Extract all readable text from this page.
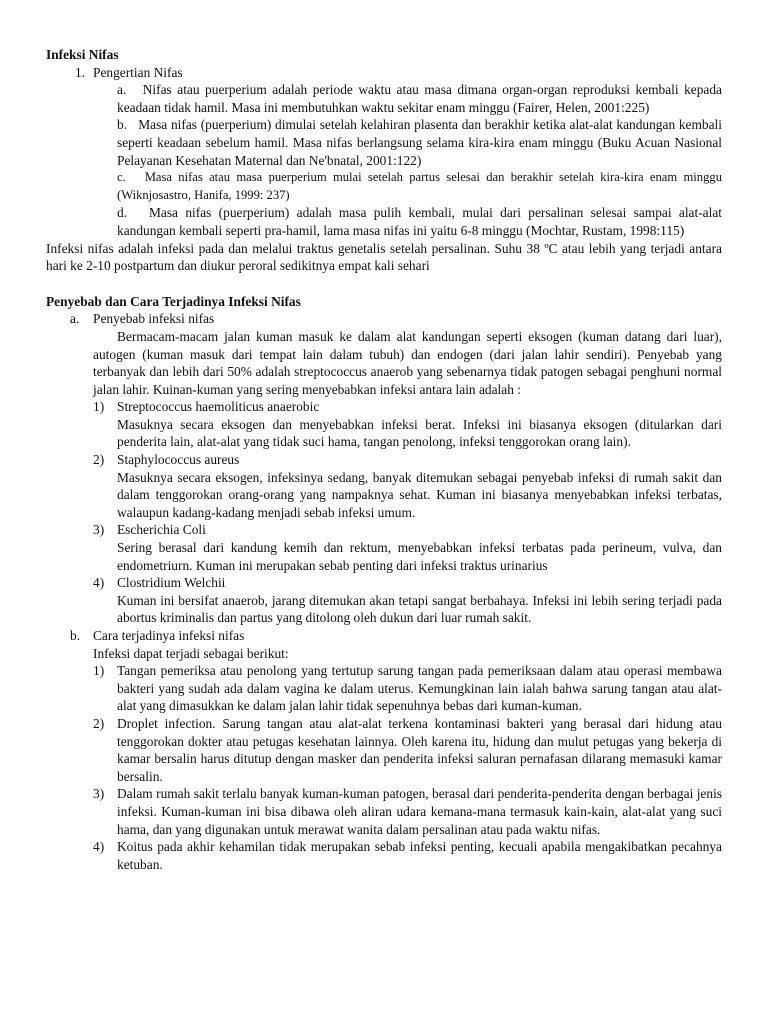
Infeksi Nifas
1. Pengertian Nifas
a. Nifas atau puerperium adalah periode waktu atau masa dimana organ-organ reproduksi kembali kepada keadaan tidak hamil. Masa ini membutuhkan waktu sekitar enam minggu (Fairer, Helen, 2001:225)
b. Masa nifas (puerperium) dimulai setelah kelahiran plasenta dan berakhir ketika alat-alat kandungan kembali seperti keadaan sebelum hamil. Masa nifas berlangsung selama kira-kira enam minggu (Buku Acuan Nasional Pelayanan Kesehatan Maternal dan Ne'bnatal, 2001:122)
c. Masa nifas atau masa puerperium mulai setelah partus selesai dan berakhir setelah kira-kira enam minggu (Wiknjosastro, Hanifa, 1999: 237)
d. Masa nifas (puerperium) adalah masa pulih kembali, mulai dari persalinan selesai sampai alat-alat kandungan kembali seperti pra-hamil, lama masa nifas ini yaitu 6-8 minggu (Mochtar, Rustam, 1998:115)
Infeksi nifas adalah infeksi pada dan melalui traktus genetalis setelah persalinan. Suhu 38 ºC atau lebih yang terjadi antara hari ke 2-10 postpartum dan diukur peroral sedikitnya empat kali sehari
Penyebab dan Cara Terjadinya Infeksi Nifas
a.	Penyebab infeksi nifas
Bermacam-macam jalan kuman masuk ke dalam alat kandungan seperti eksogen (kuman datang dari luar), autogen (kuman masuk dari tempat lain dalam tubuh) dan endogen (dari jalan lahir sendiri). Penyebab yang terbanyak dan lebih dari 50% adalah streptococcus anaerob yang sebenarnya tidak patogen sebagai penghuni normal jalan lahir. Kuinan-kuman yang sering menyebabkan infeksi antara lain adalah :
1) Streptococcus haemoliticus anaerobic
Masuknya secara eksogen dan menyebabkan infeksi berat. Infeksi ini biasanya eksogen (ditularkan dari penderita lain, alat-alat yang tidak suci hama, tangan penolong, infeksi tenggorokan orang lain).
2) Staphylococcus aureus
Masuknya secara eksogen, infeksinya sedang, banyak ditemukan sebagai penyebab infeksi di rumah sakit dan dalam tenggorokan orang-orang yang nampaknya sehat. Kuman ini biasanya menyebabkan infeksi terbatas, walaupun kadang-kadang menjadi sebab infeksi umum.
3) Escherichia Coli
Sering berasal dari kandung kemih dan rektum, menyebabkan infeksi terbatas pada perineum, vulva, dan endometriurn. Kuman ini merupakan sebab penting dari infeksi traktus urinarius
4) Clostridium Welchii
Kuman ini bersifat anaerob, jarang ditemukan akan tetapi sangat berbahaya. Infeksi ini lebih sering terjadi pada abortus kriminalis dan partus yang ditolong oleh dukun dari luar rumah sakit.
b. Cara terjadinya infeksi nifas
Infeksi dapat terjadi sebagai berikut:
1) Tangan pemeriksa atau penolong yang tertutup sarung tangan pada pemeriksaan dalam atau operasi membawa bakteri yang sudah ada dalam vagina ke dalam uterus. Kemungkinan lain ialah bahwa sarung tangan atau alat-alat yang dimasukkan ke dalam jalan lahir tidak sepenuhnya bebas dari kuman-kuman.
2) Droplet infection. Sarung tangan atau alat-alat terkena kontaminasi bakteri yang berasal dari hidung atau tenggorokan dokter atau petugas kesehatan lainnya. Oleh karena itu, hidung dan mulut petugas yang bekerja di kamar bersalin harus ditutup dengan masker dan penderita infeksi saluran pernafasan dilarang memasuki kamar bersalin.
3) Dalam rumah sakit terlalu banyak kuman-kuman patogen, berasal dari penderita-penderita dengan berbagai jenis infeksi. Kuman-kuman ini bisa dibawa oleh aliran udara kemana-mana termasuk kain-kain, alat-alat yang suci hama, dan yang digunakan untuk merawat wanita dalam persalinan atau pada waktu nifas.
4) Koitus pada akhir kehamilan tidak merupakan sebab infeksi penting, kecuali apabila mengakibatkan pecahnya ketuban.
